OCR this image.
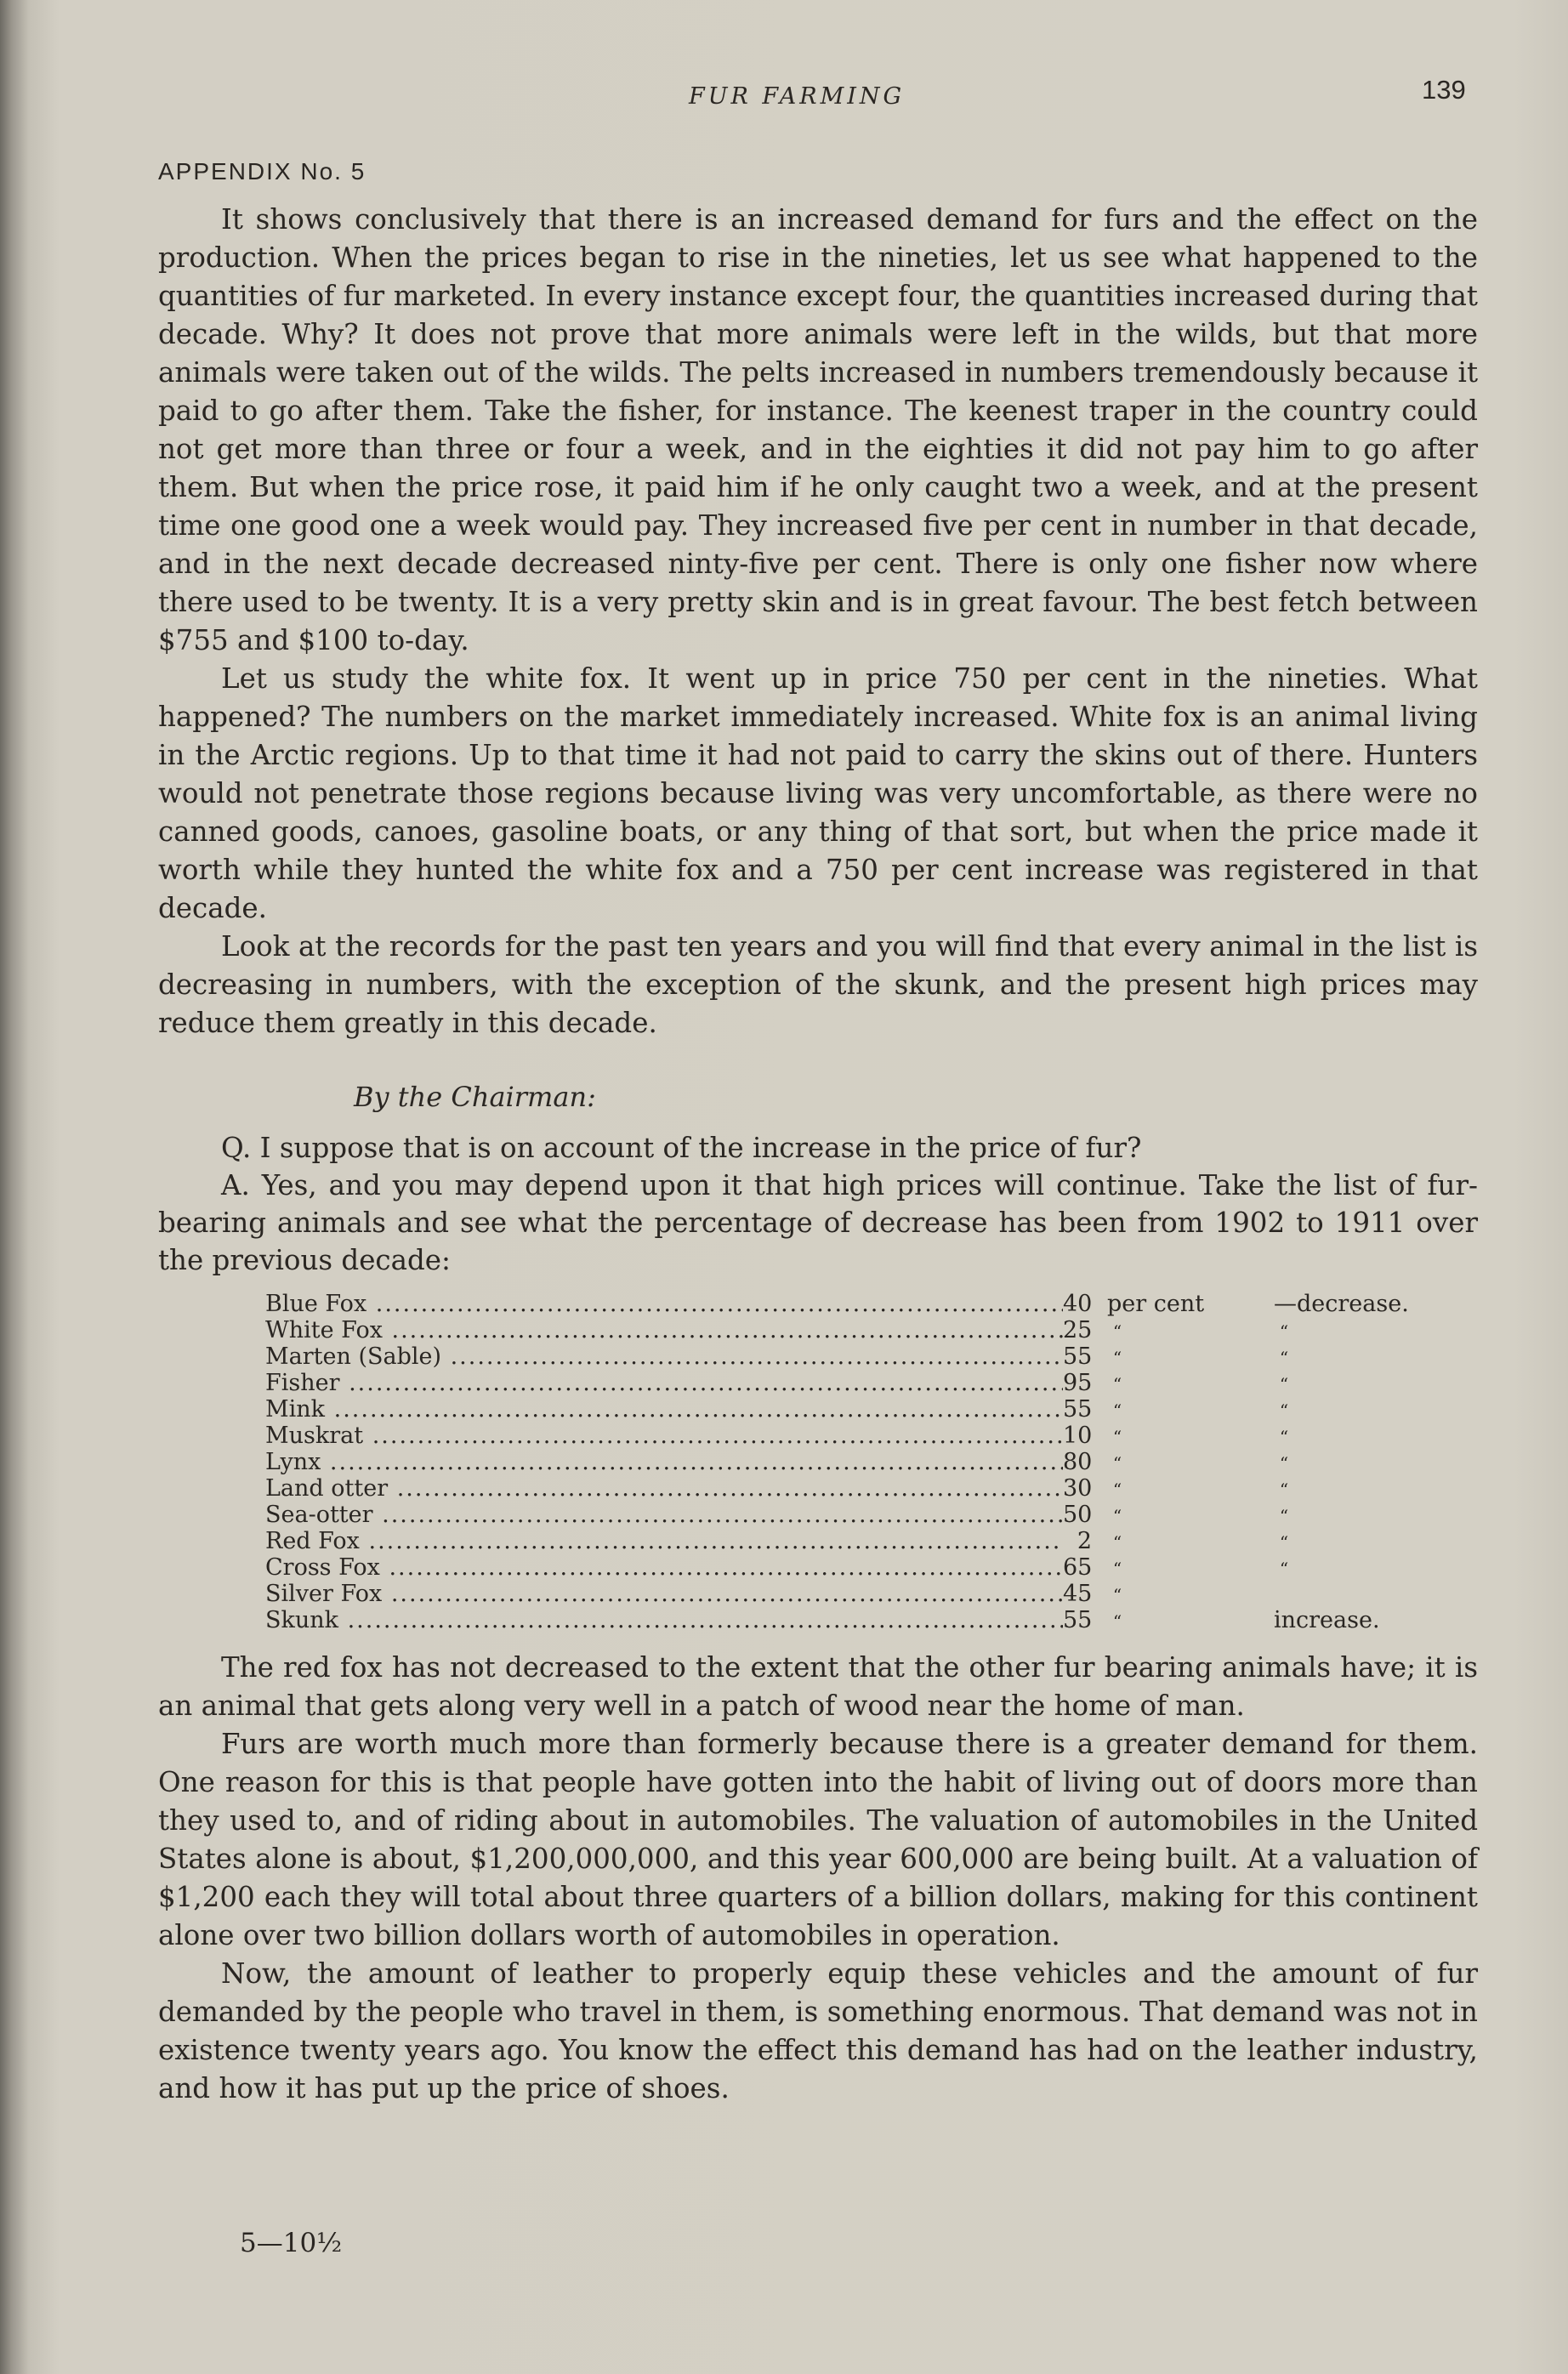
FUR FARMING	139
APPENDIX No. 5

It shows conclusively that there is an increased demand for furs and the effect on the production. When the prices began to rise in the nineties, let us see what happened to the quantities of fur marketed. In every instance except four, the quantities increased during that decade. Why? It does not prove that more animals were left in the wilds, but that more animals were taken out of the wilds. The pelts increased in numbers tremendously because it paid to go after them. Take the fisher, for instance. The keenest traper in the country could not get more than three or four a week, and in the eighties it did not pay him to go after them. But when the price rose, it paid him if he only caught two a week, and at the present time one good one a week would pay. They increased five per cent in number in that decade, and in the next decade decreased ninty-five per cent. There is only one fisher now where there used to be twenty. It is a very pretty skin and is in great favour. The best fetch between $755 and $100 to-day.

Let us study the white fox. It went up in price 750 per cent in the nineties. What happened? The numbers on the market immediately increased. White fox is an animal living in the Arctic regions. Up to that time it had not paid to carry the skins out of there. Hunters would not penetrate those regions because living was very uncomfortable, as there were no canned goods, canoes, gasoline boats, or any thing of that sort, but when the price made it worth while they hunted the white fox and a 750 per cent increase was registered in that decade.

Look at the records for the past ten years and you will find that every animal in the list is decreasing in numbers, with the exception of the skunk, and the present high prices may reduce them greatly in this decade.

By the Chairman:

Q. I suppose that is on account of the increase in the price of fur?

A. Yes, and you may depend upon it that high prices will continue. Take the list of fur-bearing animals and see what the percentage of decrease has been from 1902 to 1911 over the previous decade:

Blue Fox .....	40 per cent	—decrease.
White Fox .....	25	“	“
Marten (Sable) .....	55	“	“
Fisher .....	95	“	“
Mink .....	55	“	“
Muskrat .....	10	“	“
Lynx .....	80	“	“
Land otter .....	30	“	“
Sea-otter .....	50	“	“
Red Fox .....	2	“	“
Cross Fox .....	65	“	“
Silver Fox .....	45	“
Skunk .....	55	“	increase.

The red fox has not decreased to the extent that the other fur bearing animals have; it is an animal that gets along very well in a patch of wood near the home of man.

Furs are worth much more than formerly because there is a greater demand for them. One reason for this is that people have gotten into the habit of living out of doors more than they used to, and of riding about in automobiles. The valuation of automobiles in the United States alone is about, $1,200,000,000, and this year 600,000 are being built. At a valuation of $1,200 each they will total about three quarters of a billion dollars, making for this continent alone over two billion dollars worth of automobiles in operation.

Now, the amount of leather to properly equip these vehicles and the amount of fur demanded by the people who travel in them, is something enormous. That demand was not in existence twenty years ago. You know the effect this demand has had on the leather industry, and how it has put up the price of shoes.

5—10½
